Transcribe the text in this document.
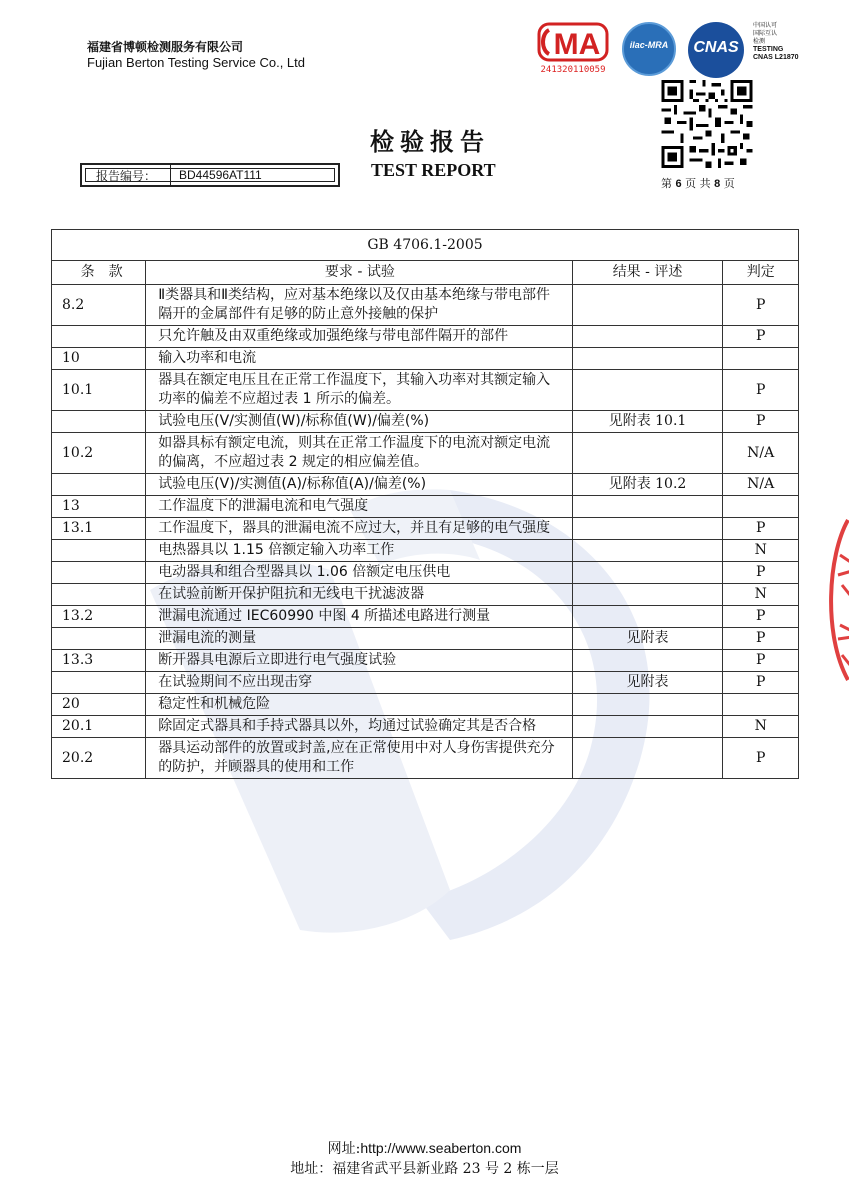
福建省博顿检测服务有限公司
Fujian Berton Testing Service Co., Ltd
MA
241320110059
ilac-MRA	CNAS
中国认可
国际互认
检测
TESTING
CNAS L21870
检验报告
TEST REPORT
报告编号：	BD44596AT111
第 6 页 共 8 页
GB 4706.1-2005			
条　款	要求 - 试验	结果 - 评述	判定
8.2	Ⅱ类器具和Ⅱ类结构，应对基本绝缘以及仅由基本绝缘与带电部件隔开的金属部件有足够的防止意外接触的保护		P
	只允许触及由双重绝缘或加强绝缘与带电部件隔开的部件		P
10	输入功率和电流		
10.1	器具在额定电压且在正常工作温度下，其输入功率对其额定输入功率的偏差不应超过表 1 所示的偏差。		P
	试验电压(V/实测值(W)/标称值(W)/偏差(%)	见附表 10.1	P
10.2	如器具标有额定电流，则其在正常工作温度下的电流对额定电流的偏离，不应超过表 2 规定的相应偏差值。		N/A
	试验电压(V)/实测值(A)/标称值(A)/偏差(%)	见附表 10.2	N/A
13	工作温度下的泄漏电流和电气强度		
13.1	工作温度下，器具的泄漏电流不应过大，并且有足够的电气强度		P
	电热器具以 1.15 倍额定输入功率工作		N
	电动器具和组合型器具以 1.06 倍额定电压供电		P
	在试验前断开保护阻抗和无线电干扰滤波器		N
13.2	泄漏电流通过 IEC60990 中图 4 所描述电路进行测量		P
	泄漏电流的测量	见附表	P
13.3	断开器具电源后立即进行电气强度试验		P
	在试验期间不应出现击穿	见附表	P
20	稳定性和机械危险		
20.1	除固定式器具和手持式器具以外，均通过试验确定其是否合格		N
20.2	器具运动部件的放置或封盖,应在正常使用中对人身伤害提供充分的防护，并顾器具的使用和工作		P
网址:http://www.seaberton.com
地址：福建省武平县新业路 23 号 2 栋一层
